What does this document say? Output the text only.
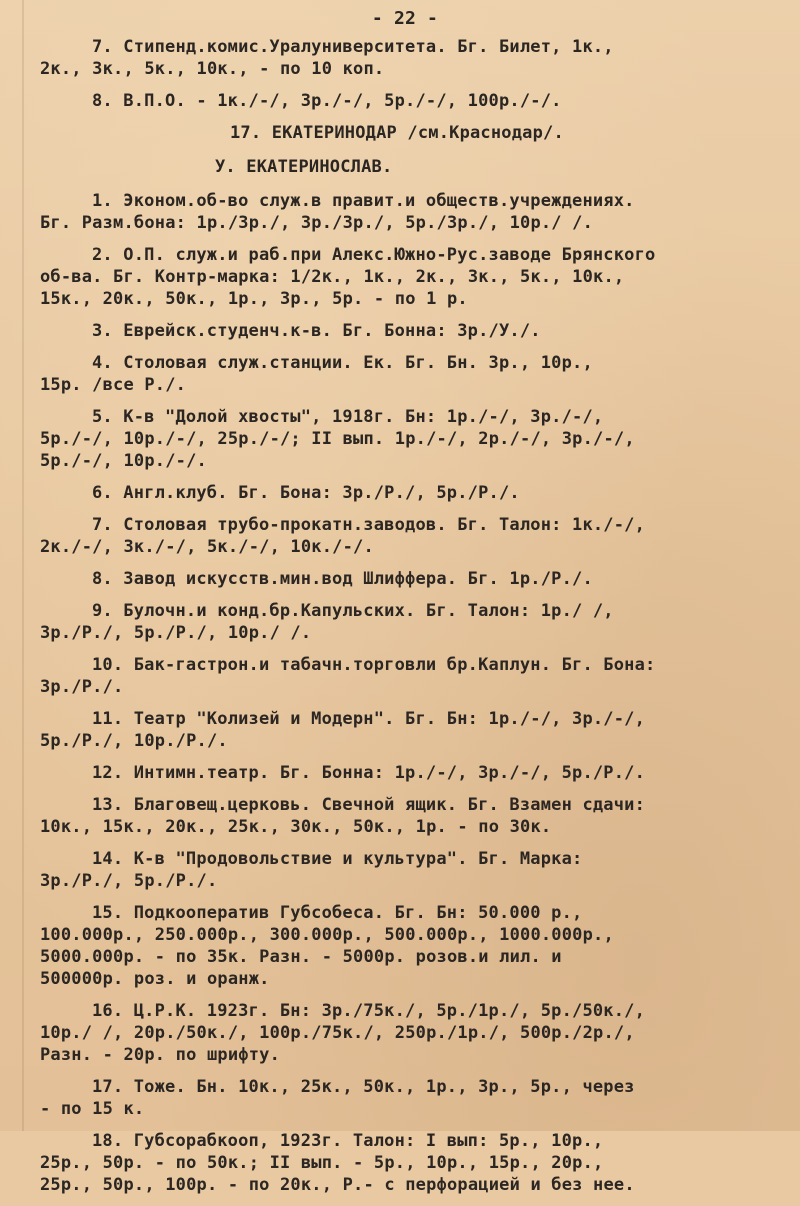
- 22 -
7. Стипенд.комис.Уралуниверситета. Бг. Билет, 1к.,
2к., 3к., 5к., 10к., - по 10 коп.
8. В.П.О. - 1к./-/, 3р./-/, 5р./-/, 100р./-/.
17. ЕКАТЕРИНОДАР /см.Краснодар/.
У. ЕКАТЕРИНОСЛАВ.
1. Эконом.об-во служ.в правит.и обществ.учреждениях.
Бг. Разм.бона: 1р./3р./, 3р./3р./, 5р./3р./, 10р./ /.
2. О.П. служ.и раб.при Алекс.Южно-Рус.заводе Брянского
об-ва. Бг. Контр-марка: 1/2к., 1к., 2к., 3к., 5к., 10к.,
15к., 20к., 50к., 1р., 3р., 5р. - по 1 р.
3. Еврейск.студенч.к-в. Бг. Бонна: 3р./У./.
4. Столовая служ.станции. Ек. Бг. Бн. 3р., 10р.,
15р. /все Р./.
5. К-в "Долой хвосты", 1918г. Бн: 1р./-/, 3р./-/,
5р./-/, 10р./-/, 25р./-/; II вып. 1р./-/, 2р./-/, 3р./-/,
5р./-/, 10р./-/.
6. Англ.клуб. Бг. Бона: 3р./Р./, 5р./Р./.
7. Столовая трубо-прокатн.заводов. Бг. Талон: 1к./-/,
2к./-/, 3к./-/, 5к./-/, 10к./-/.
8. Завод искусств.мин.вод Шлиффера. Бг. 1р./Р./.
9. Булочн.и конд.бр.Капульских. Бг. Талон: 1р./ /,
3р./Р./, 5р./Р./, 10р./ /.
10. Бак-гастрон.и табачн.торговли бр.Каплун. Бг. Бона:
3р./Р./.
11. Театр "Колизей и Модерн". Бг. Бн: 1р./-/, 3р./-/,
5р./Р./, 10р./Р./.
12. Интимн.театр. Бг. Бонна: 1р./-/, 3р./-/, 5р./Р./.
13. Благовещ.церковь. Свечной ящик. Бг. Взамен сдачи:
10к., 15к., 20к., 25к., 30к., 50к., 1р. - по 30к.
14. К-в "Продовольствие и культура". Бг. Марка:
3р./Р./, 5р./Р./.
15. Подкооператив Губсобеса. Бг. Бн: 50.000 р.,
100.000р., 250.000р., 300.000р., 500.000р., 1000.000р.,
5000.000р. - по 35к. Разн. - 5000р. розов.и лил. и
500000р. роз. и оранж.
16. Ц.Р.К. 1923г. Бн: 3р./75к./, 5р./1р./, 5р./50к./,
10р./ /, 20р./50к./, 100р./75к./, 250р./1р./, 500р./2р./,
Разн. - 20р. по шрифту.
17. Тоже. Бн. 10к., 25к., 50к., 1р., 3р., 5р., через
- по 15 к.
18. Губсорабкооп, 1923г. Талон: I вып: 5р., 10р.,
25р., 50р. - по 50к.; II вып. - 5р., 10р., 15р., 20р.,
25р., 50р., 100р. - по 20к., Р.- с перфорацией и без нее.
